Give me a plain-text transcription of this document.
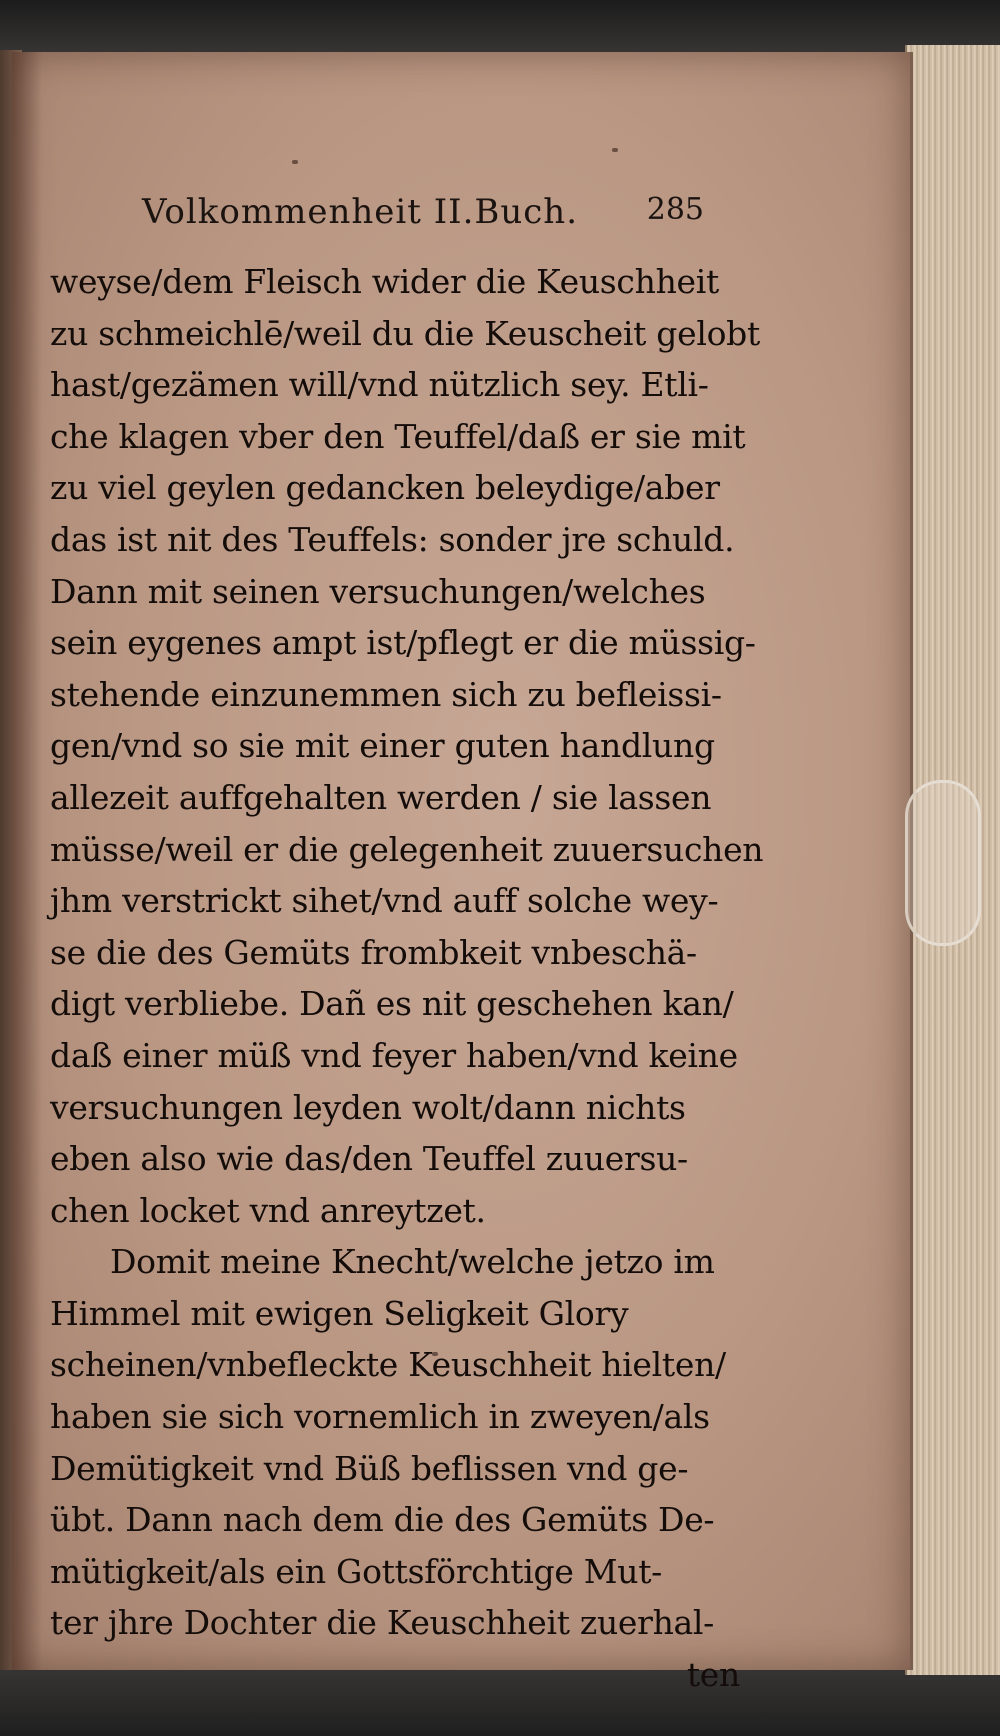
Volkommenheit II.Buch.	285
weyse/dem Fleisch wider die Keuschheit
zu schmeichlē/weil du die Keuscheit gelobt
hast/gezämen will/vnd nützlich sey. Etli-
che klagen vber den Teuffel/daß er sie mit
zu viel geylen gedancken beleydige/aber
das ist nit des Teuffels: sonder jre schuld.
Dann mit seinen versuchungen/welches
sein eygenes ampt ist/pflegt er die müssig-
stehende einzunemmen sich zu befleissi-
gen/vnd so sie mit einer guten handlung
allezeit auffgehalten werden / sie lassen
müsse/weil er die gelegenheit zuuersuchen
jhm verstrickt sihet/vnd auff solche wey-
se die des Gemüts frombkeit vnbeschä-
digt verbliebe. Dañ es nit geschehen kan/
daß einer müß vnd feyer haben/vnd keine
versuchungen leyden wolt/dann nichts
eben also wie das/den Teuffel zuuersu-
chen locket vnd anreytzet.
Domit meine Knecht/welche jetzo im
Himmel mit ewigen Seligkeit Glory
scheinen/vnbefleckte Keuschheit hielten/
haben sie sich vornemlich in zweyen/als
Demütigkeit vnd Büß beflissen vnd ge-
übt. Dann nach dem die des Gemüts De-
mütigkeit/als ein Gottsförchtige Mut-
ter jhre Dochter die Keuschheit zuerhal-
ten
